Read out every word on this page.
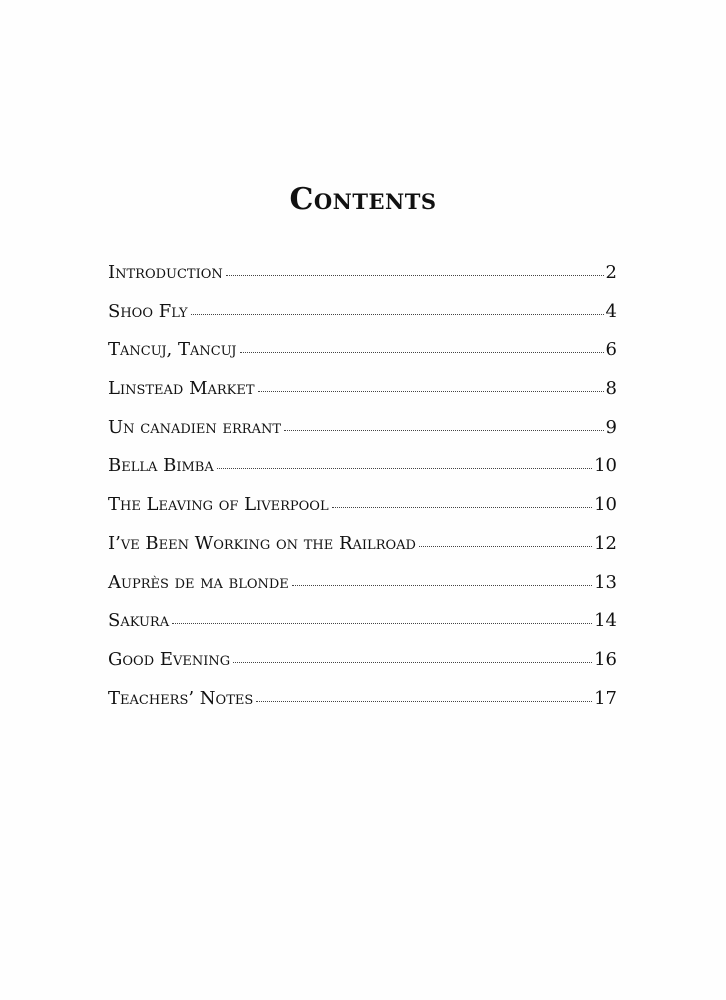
Contents
Introduction	2
Shoo Fly	4
Tancuj, Tancuj	6
Linstead Market	8
Un canadien errant	9
Bella Bimba	10
The Leaving of Liverpool	10
I’ve Been Working on the Railroad	12
Auprès de ma blonde	13
Sakura	14
Good Evening	16
Teachers’ Notes	17
